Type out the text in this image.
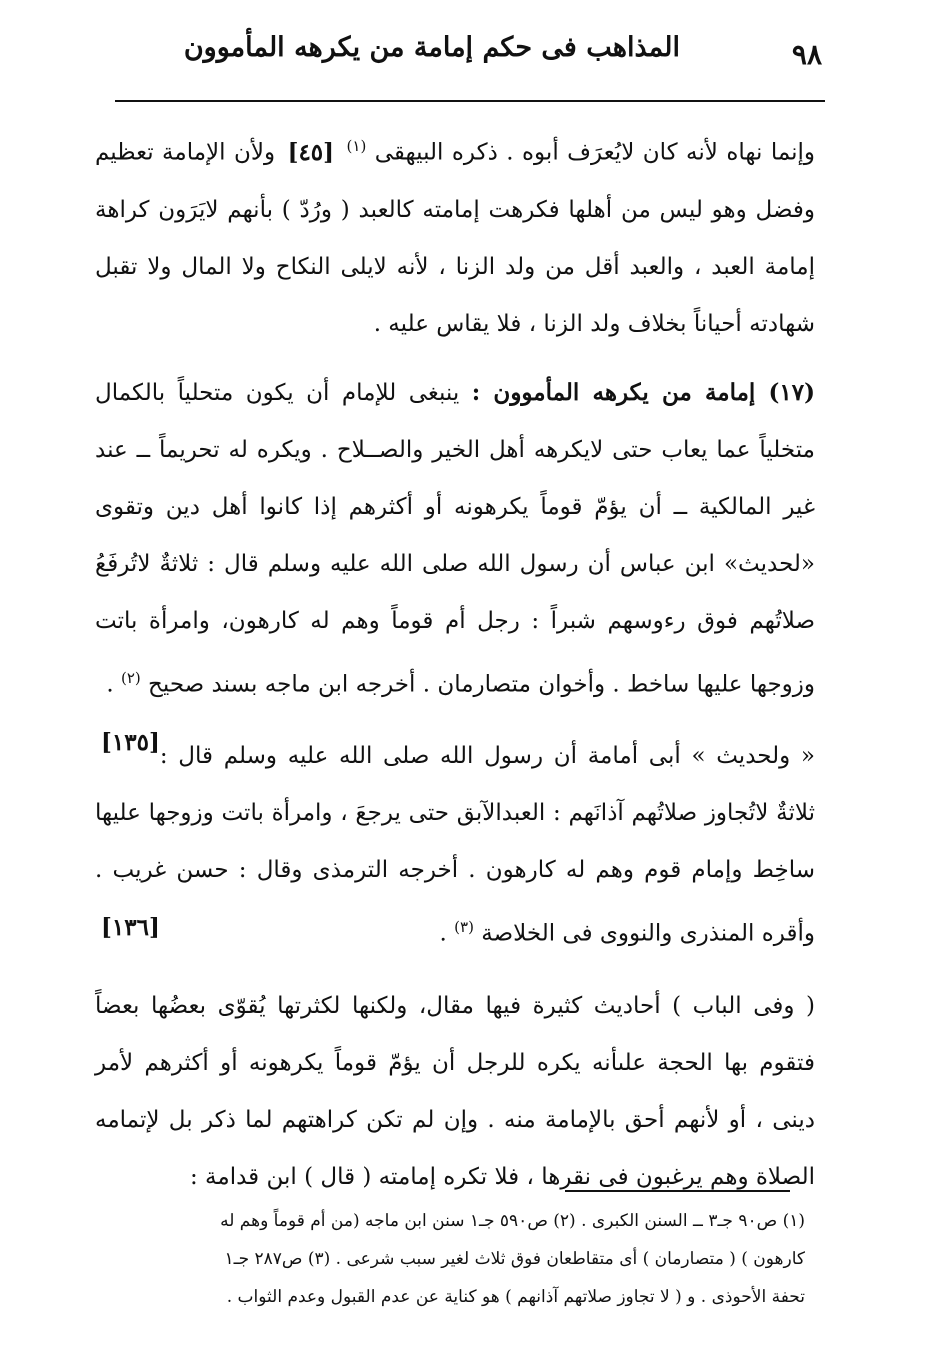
٩٨
المذاهب فى حكم إمامة من يكرهه المأموون

وإنما نهاه لأنه كان لايُعرَف أبوه . ذكره البيهقى $^{(١)}$ [٤٥] ولأن الإمامة تعظيم وفضل وهو ليس من أهلها فكرهت إمامته كالعبد ( ورُدّ ) بأنهم لايَرَون كراهة إمامة العبد ، والعبد أقل من ولد الزنا ، لأنه لايلى النكاح ولا المال ولا تقبل شهادته أحياناً بخلاف ولد الزنا ، فلا يقاس عليه .

(١٧) إمامة من يكرهه المأموون : ينبغى للإمام أن يكون متحلياً بالكمال متخلياً عما يعاب حتى لايكرهه أهل الخير والصــلاح . ويكره له تحريماً ــ عند غير المالكية ــ أن يؤمّ قوماً يكرهونه أو أكثرهم إذا كانوا أهل دين وتقوى «لحديث» ابن عباس أن رسول الله صلى الله عليه وسلم قال : ثلاثةٌ لاتُرفَعُ صلاتُهم فوق رءوسهم شبراً : رجل أم قوماً وهم له كارهون، وامرأة باتت وزوجها عليها ساخط . وأخوان متصارمان . أخرجه ابن ماجه بسند صحيح $^{(٢)}$ .
[١٣٥]

« ولحديث » أبى أمامة أن رسول الله صلى الله عليه وسلم قال : ثلاثةٌ لاتُجاوز صلاتُهم آذانَهم : العبدالآبق حتى يرجعَ ، وامرأة باتت وزوجها عليها ساخِط وإمام قوم وهم له كارهون . أخرجه الترمذى وقال : حسن غريب . وأقره المنذرى والنووى فى الخلاصة $^{(٣)}$ .
[١٣٦]

( وفى الباب ) أحاديث كثيرة فيها مقال، ولكنها لكثرتها يُقوّى بعضُها بعضاً فتقوم بها الحجة علىأنه يكره للرجل أن يؤمّ قوماً يكرهونه أو أكثرهم لأمر دينى ، أو لأنهم أحق بالإمامة منه . وإن لم تكن كراهتهم لما ذكر بل لإتمامه الصلاة وهم يرغبون فى نقرها ، فلا تكره إمامته ( قال ) ابن قدامة :

(١) ص٩٠ جـ٣ ــ السنن الكبرى . (٢) ص٥٩٠ جـ١ سنن ابن ماجه (من أم قوماً وهم له
كارهون ) ( متصارمان ) أى متقاطعان فوق ثلاث لغير سبب شرعى . (٣) ص٢٨٧ جـ١
تحفة الأحوذى . و ( لا تجاوز صلاتهم آذانهم ) هو كناية عن عدم القبول وعدم الثواب .
